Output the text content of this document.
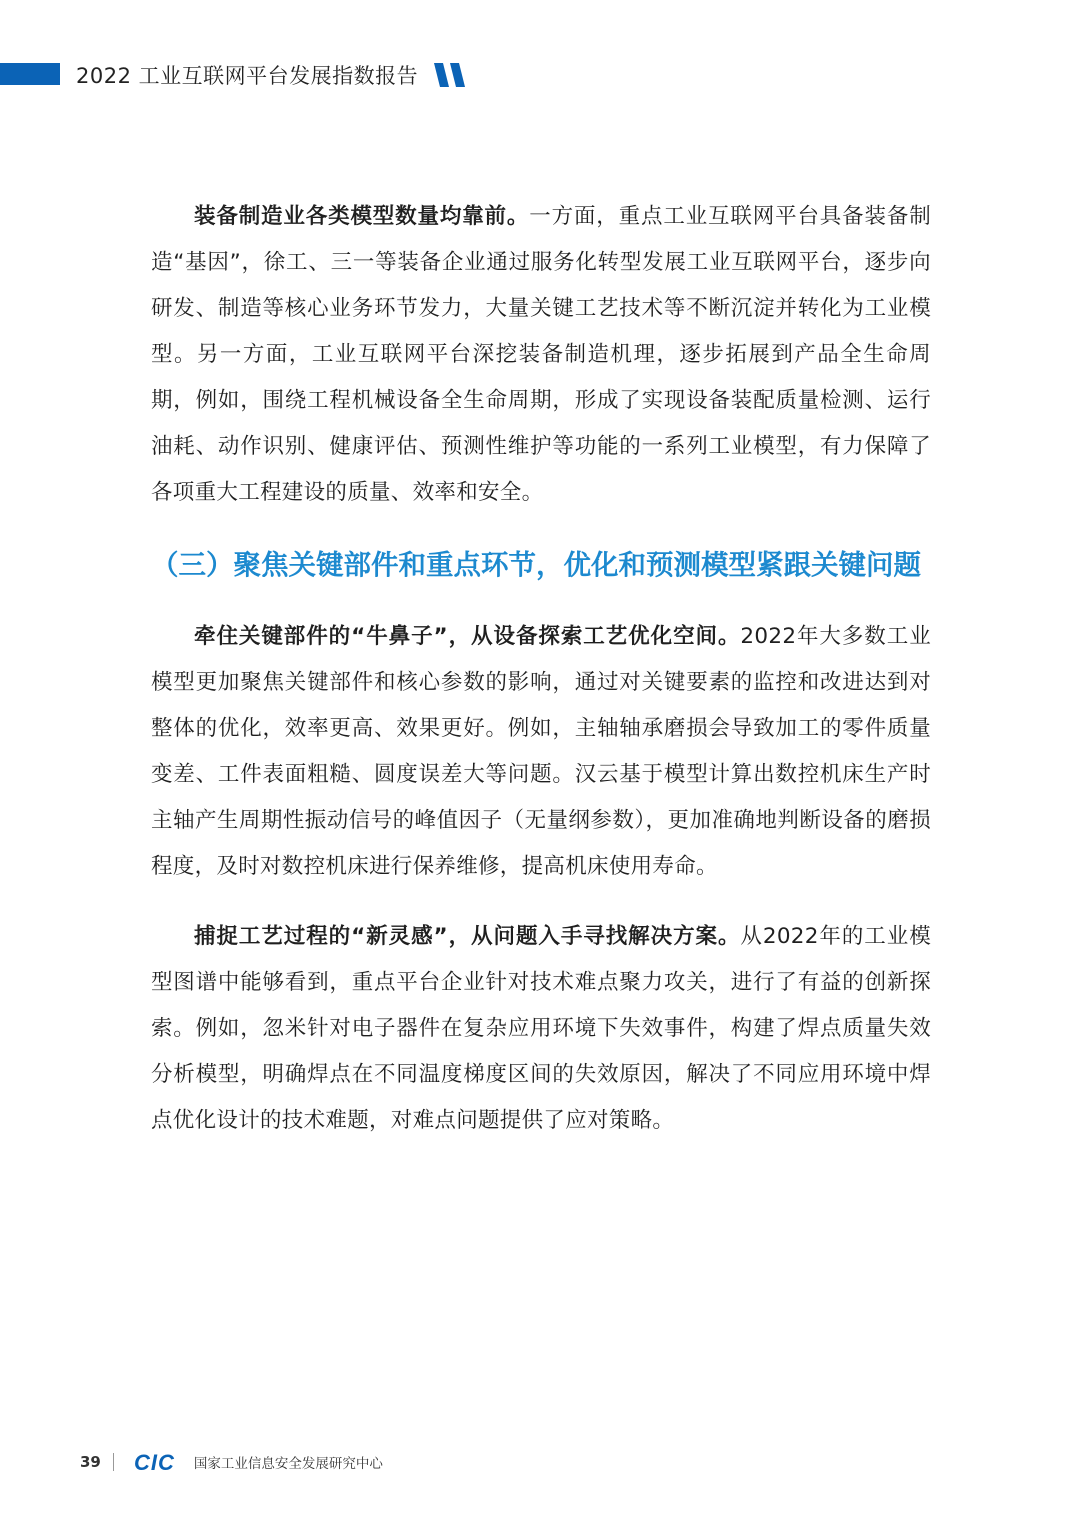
2022 工业互联网平台发展指数报告

装备制造业各类模型数量均靠前。一方面，重点工业互联网平台具备装备制造“基因”，徐工、三一等装备企业通过服务化转型发展工业互联网平台，逐步向研发、制造等核心业务环节发力，大量关键工艺技术等不断沉淀并转化为工业模型。另一方面，工业互联网平台深挖装备制造机理，逐步拓展到产品全生命周期，例如，围绕工程机械设备全生命周期，形成了实现设备装配质量检测、运行油耗、动作识别、健康评估、预测性维护等功能的一系列工业模型，有力保障了各项重大工程建设的质量、效率和安全。

（三） 聚焦关键部件和重点环节，优化和预测模型紧跟关键问题

牵住关键部件的“牛鼻子”，从设备探索工艺优化空间。2022年大多数工业模型更加聚焦关键部件和核心参数的影响，通过对关键要素的监控和改进达到对整体的优化，效率更高、效果更好。例如，主轴轴承磨损会导致加工的零件质量变差、工件表面粗糙、圆度误差大等问题。汉云基于模型计算出数控机床生产时主轴产生周期性振动信号的峰值因子（无量纲参数），更加准确地判断设备的磨损程度，及时对数控机床进行保养维修，提高机床使用寿命。

捕捉工艺过程的“新灵感”，从问题入手寻找解决方案。从2022年的工业模型图谱中能够看到，重点平台企业针对技术难点聚力攻关，进行了有益的创新探索。例如，忽米针对电子器件在复杂应用环境下失效事件，构建了焊点质量失效分析模型，明确焊点在不同温度梯度区间的失效原因，解决了不同应用环境中焊点优化设计的技术难题，对难点问题提供了应对策略。

39 CIC 国家工业信息安全发展研究中心
